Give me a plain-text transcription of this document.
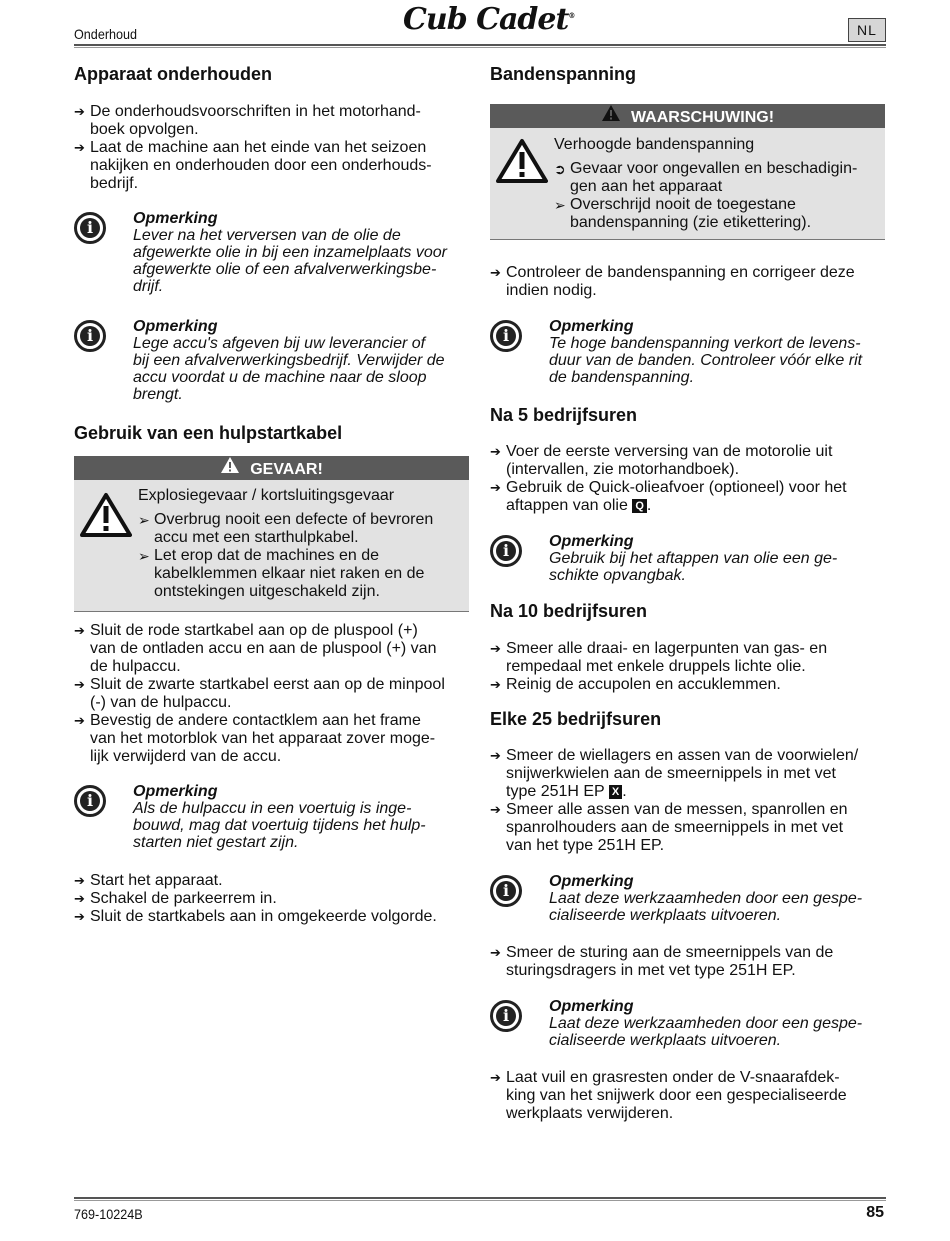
Onderhoud	Cub Cadet®
NL
Apparaat onderhouden
➔ De onderhoudsvoorschriften in het motorhand-
boek opvolgen.
➔ Laat de machine aan het einde van het seizoen
nakijken en onderhouden door een onderhouds-
bedrijf.
i	Opmerking
Lever na het verversen van de olie de
afgewerkte olie in bij een inzamelplaats voor
afgewerkte olie of een afvalverwerkingsbe-
drijf.
i	Opmerking
Lege accu's afgeven bij uw leverancier of
bij een afvalverwerkingsbedrijf. Verwijder de
accu voordat u de machine naar de sloop
brengt.
Gebruik van een hulpstartkabel
GEVAAR!
Explosiegevaar / kortsluitingsgevaar
➢ Overbrug nooit een defecte of bevroren
accu met een starthulpkabel.
➢ Let erop dat de machines en de
kabelklemmen elkaar niet raken en de
ontstekingen uitgeschakeld zijn.
➔ Sluit de rode startkabel aan op de pluspool (+)
van de ontladen accu en aan de pluspool (+) van
de hulpaccu.
➔ Sluit de zwarte startkabel eerst aan op de minpool
(-) van de hulpaccu.
➔ Bevestig de andere contactklem aan het frame
van het motorblok van het apparaat zover moge-
lijk verwijderd van de accu.
i	Opmerking
Als de hulpaccu in een voertuig is inge-
bouwd, mag dat voertuig tijdens het hulp-
starten niet gestart zijn.
➔ Start het apparaat.
➔ Schakel de parkeerrem in.
➔ Sluit de startkabels aan in omgekeerde volgorde.
Bandenspanning
WAARSCHUWING!
Verhoogde bandenspanning
➲ Gevaar voor ongevallen en beschadigin-
gen aan het apparaat
➢ Overschrijd nooit de toegestane
bandenspanning (zie etikettering).
➔ Controleer de bandenspanning en corrigeer deze
indien nodig.
i	Opmerking
Te hoge bandenspanning verkort de levens-
duur van de banden. Controleer vóór elke rit
de bandenspanning.
Na 5 bedrijfsuren
➔ Voer de eerste verversing van de motorolie uit
(intervallen, zie motorhandboek).
➔ Gebruik de Quick-olieafvoer (optioneel) voor het
aftappen van olie Q .
i	Opmerking
Gebruik bij het aftappen van olie een ge-
schikte opvangbak.
Na 10 bedrijfsuren
➔ Smeer alle draai- en lagerpunten van gas- en
rempedaal met enkele druppels lichte olie.
➔ Reinig de accupolen en accuklemmen.
Elke 25 bedrijfsuren
➔ Smeer de wiellagers en assen van de voorwielen/
snijwerkwielen aan de smeernippels in met vet
type 251H EP X .
➔ Smeer alle assen van de messen, spanrollen en
spanrolhouders aan de smeernippels in met vet
van het type 251H EP.
i	Opmerking
Laat deze werkzaamheden door een gespe-
cialiseerde werkplaats uitvoeren.
➔ Smeer de sturing aan de smeernippels van de
sturingsdragers in met vet type 251H EP.
i	Opmerking
Laat deze werkzaamheden door een gespe-
cialiseerde werkplaats uitvoeren.
➔ Laat vuil en grasresten onder de V-snaarafdek-
king van het snijwerk door een gespecialiseerde
werkplaats verwijderen.
769-10224B	85
